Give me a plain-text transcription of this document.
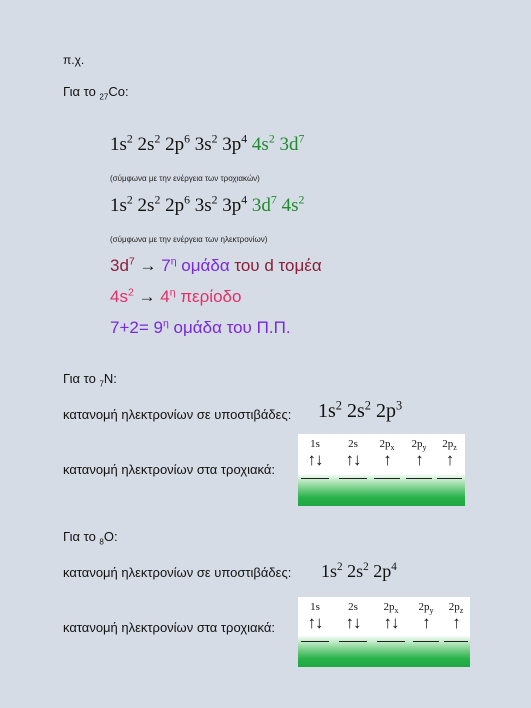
π.χ.
Για το $_{27}$Co:
$1s^2$ $2s^2$ $2p^6$ $3s^2$ $3p^4$ $4s^2$ $3d^7$
(σύμφωνα με την ενέργεια των τροχιακών)
$1s^2$ $2s^2$ $2p^6$ $3s^2$ $3p^4$ $3d^7$ $4s^2$
(σύμφωνα με την ενέργεια των ηλεκτρονίων)
$3d^7 \to 7^\eta$ ομάδα του d τομέα
$4s^2 \to 4^\eta$ περίοδο
$7+2= 9^\eta$ ομάδα του Π.Π.
Για το $_7$N:
κατανομή ηλεκτρονίων σε υποστιβάδες: $1s^2$ $2s^2$ $2p^3$
κατανομή ηλεκτρονίων στα τροχιακά:
1s
↑↓
2s
↑↓
$2p_x$
↑
$2p_y$
↑
$2p_z$
↑
Για το $_8$O:
κατανομή ηλεκτρονίων σε υποστιβάδες: $1s^2$ $2s^2$ $2p^4$
κατανομή ηλεκτρονίων στα τροχιακά:
1s
↑↓
2s
↑↓
$2p_x$
↑↓
$2p_y$
↑
$2p_z$
↑
